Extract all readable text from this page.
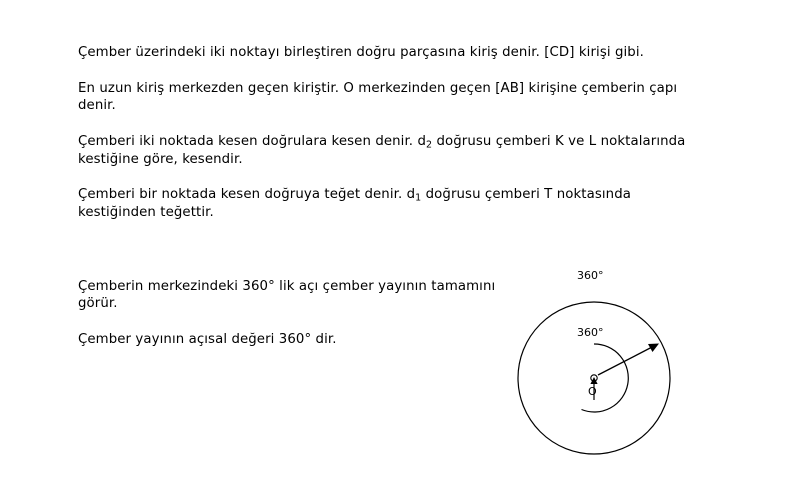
Çember üzerindeki iki noktayı birleştiren doğru parçasına kiriş denir. [CD] kirişi gibi.

En uzun kiriş merkezden geçen kiriştir. O merkezinden geçen [AB] kirişine çemberin çapı denir.

Çemberi iki noktada kesen doğrulara kesen denir. $d_2$ doğrusu çemberi K ve L noktalarında kestiğine göre, kesendir.

Çemberi bir noktada kesen doğruya teğet denir. $d_1$ doğrusu çemberi T noktasında kestiğinden teğettir.

Çemberin merkezindeki 360° lik açı çember yayının tamamını görür.

Çember yayının açısal değeri 360° dir.

360°
360°
O
